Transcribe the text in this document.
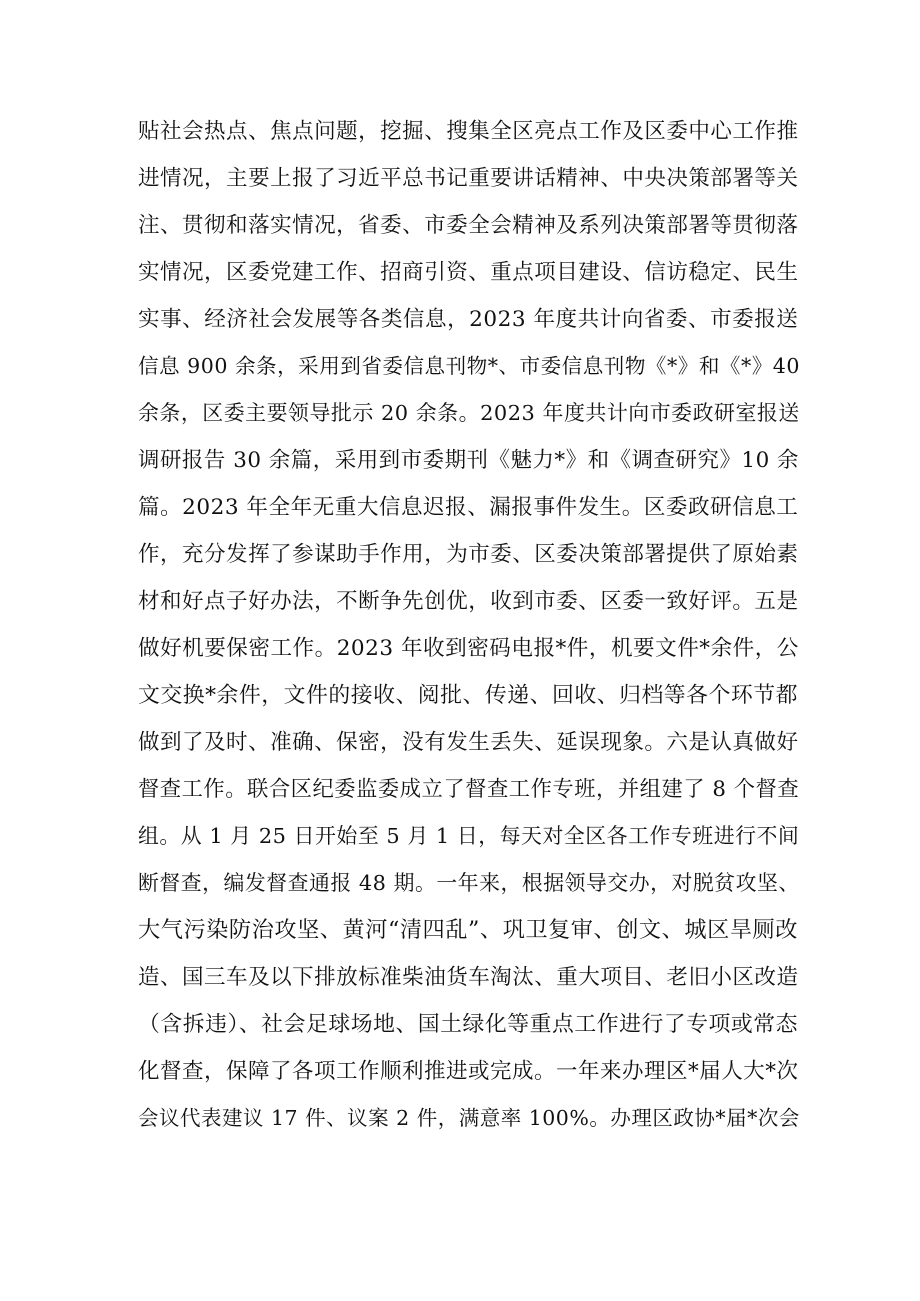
贴社会热点、焦点问题，挖掘、搜集全区亮点工作及区委中心工作推
进情况，主要上报了习近平总书记重要讲话精神、中央决策部署等关
注、贯彻和落实情况，省委、市委全会精神及系列决策部署等贯彻落
实情况，区委党建工作、招商引资、重点项目建设、信访稳定、民生
实事、经济社会发展等各类信息，2023 年度共计向省委、市委报送
信息 900 余条，采用到省委信息刊物*、市委信息刊物《*》和《*》40
余条，区委主要领导批示 20 余条。2023 年度共计向市委政研室报送
调研报告 30 余篇，采用到市委期刊《魅力*》和《调查研究》10 余
篇。2023 年全年无重大信息迟报、漏报事件发生。区委政研信息工
作，充分发挥了参谋助手作用，为市委、区委决策部署提供了原始素
材和好点子好办法，不断争先创优，收到市委、区委一致好评。五是
做好机要保密工作。2023 年收到密码电报*件，机要文件*余件，公
文交换*余件，文件的接收、阅批、传递、回收、归档等各个环节都
做到了及时、准确、保密，没有发生丢失、延误现象。六是认真做好
督查工作。联合区纪委监委成立了督查工作专班，并组建了 8 个督查
组。从 1 月 25 日开始至 5 月 1 日，每天对全区各工作专班进行不间
断督查，编发督查通报 48 期。一年来，根据领导交办，对脱贫攻坚、
大气污染防治攻坚、黄河“清四乱”、巩卫复审、创文、城区旱厕改
造、国三车及以下排放标准柴油货车淘汰、重大项目、老旧小区改造
（含拆违）、社会足球场地、国土绿化等重点工作进行了专项或常态
化督查，保障了各项工作顺利推进或完成。一年来办理区*届人大*次
会议代表建议 17 件、议案 2 件，满意率 100%。办理区政协*届*次会
